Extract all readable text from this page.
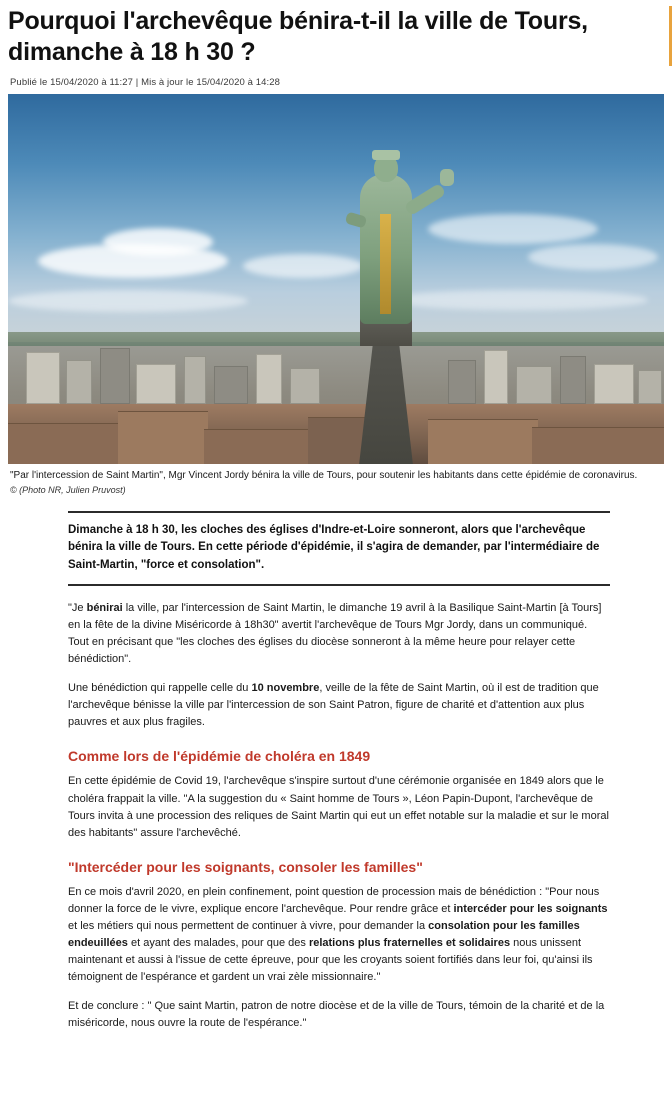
Pourquoi l'archevêque bénira-t-il la ville de Tours, dimanche à 18 h 30 ?
Publié le 15/04/2020 à 11:27 | Mis à jour le 15/04/2020 à 14:28
"Par l'intercession de Saint Martin", Mgr Vincent Jordy bénira la ville de Tours, pour soutenir les habitants dans cette épidémie de coronavirus.
© (Photo NR, Julien Pruvost)
Dimanche à 18 h 30, les cloches des églises d'Indre-et-Loire sonneront, alors que l'archevêque bénira la ville de Tours. En cette période d'épidémie, il s'agira de demander, par l'intermédiaire de Saint-Martin, "force et consolation".

"Je bénirai la ville, par l'intercession de Saint Martin, le dimanche 19 avril à la Basilique Saint-Martin [à Tours] en la fête de la divine Miséricorde à 18h30" avertit l'archevêque de Tours Mgr Jordy, dans un communiqué. Tout en précisant que "les cloches des églises du diocèse sonneront à la même heure pour relayer cette bénédiction".

Une bénédiction qui rappelle celle du 10 novembre, veille de la fête de Saint Martin, où il est de tradition que l'archevêque bénisse la ville par l'intercession de son Saint Patron, figure de charité et d'attention aux plus pauvres et aux plus fragiles.

Comme lors de l'épidémie de choléra en 1849

En cette épidémie de Covid 19, l'archevêque s'inspire surtout d'une cérémonie organisée en 1849 alors que le choléra frappait la ville. "A la suggestion du « Saint homme de Tours », Léon Papin-Dupont, l'archevêque de Tours invita à une procession des reliques de Saint Martin qui eut un effet notable sur la maladie et sur le moral des habitants" assure l'archevêché.

"Intercéder pour les soignants, consoler les familles"

En ce mois d'avril 2020, en plein confinement, point question de procession mais de bénédiction : "Pour nous donner la force de le vivre, explique encore l'archevêque. Pour rendre grâce et intercéder pour les soignants et les métiers qui nous permettent de continuer à vivre, pour demander la consolation pour les familles endeuillées et ayant des malades, pour que des relations plus fraternelles et solidaires nous unissent maintenant et aussi à l'issue de cette épreuve, pour que les croyants soient fortifiés dans leur foi, qu'ainsi ils témoignent de l'espérance et gardent un vrai zèle missionnaire."

Et de conclure : " Que saint Martin, patron de notre diocèse et de la ville de Tours, témoin de la charité et de la miséricorde, nous ouvre la route de l'espérance."
